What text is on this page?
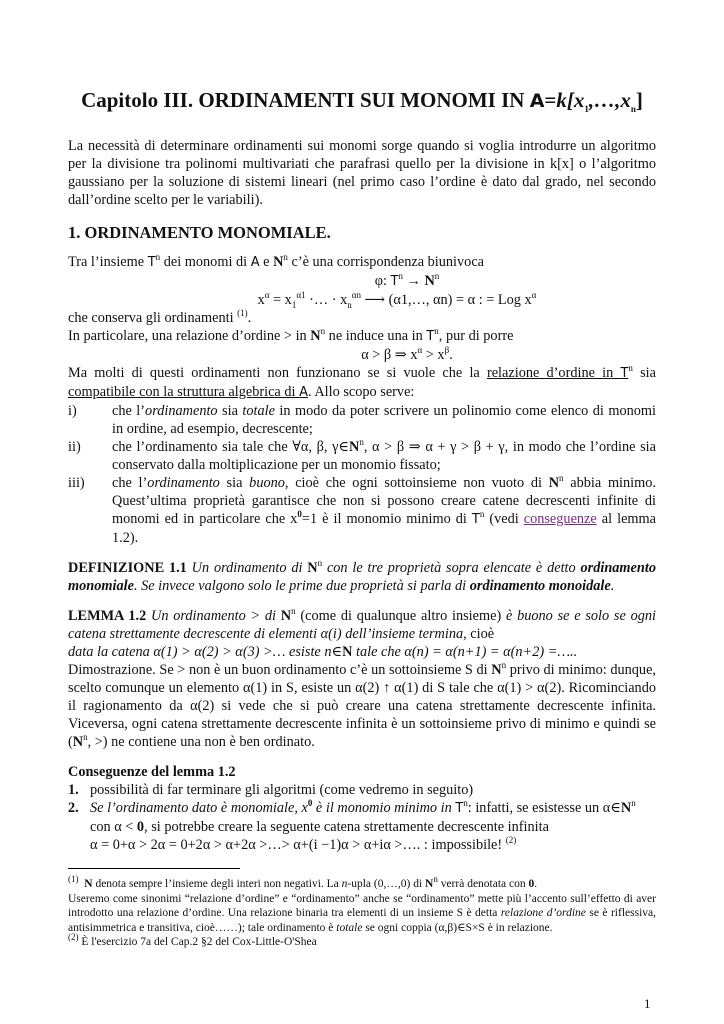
Capitolo III. ORDINAMENTI SUI MONOMI IN $A=k[x_1,\dots,x_n]$

La necessità di determinare ordinamenti sui monomi sorge quando si voglia introdurre un algoritmo per la divisione tra polinomi multivariati che parafrasi quello per la divisione in k[x] o l’algoritmo gaussiano per la soluzione di sistemi lineari (nel primo caso l’ordine è dato dal grado, nel secondo dall’ordine scelto per le variabili).

1. ORDINAMENTO MONOMIALE.

Tra l’insieme $T^n$ dei monomi di A e $N^n$ c’è una corrispondenza biunivoca

φ: $T^n \to N^n$

$x^\alpha = x_1^{\alpha 1}$ ·… · $x_n^{\alpha n}$ ⟶ (α1,…, αn) = α : = Log $x^\alpha$

che conserva gli ordinamenti $^{(1)}$.

In particolare, una relazione d’ordine > in $N^n$ ne induce una in $T^n$, pur di porre

α > β ⇒ $x^\alpha > x^\beta$.

Ma molti di questi ordinamenti non funzionano se si vuole che la relazione d’ordine in $T^n$ sia compatibile con la struttura algebrica di A. Allo scopo serve:

i)	che l’ordinamento sia totale in modo da poter scrivere un polinomio come elenco di monomi in ordine, ad esempio, decrescente;
ii)	che l’ordinamento sia tale che ∀α, β, $\gamma\in N^n$, α > β ⇒ α + γ > β + γ, in modo che l’ordine sia conservato dalla moltiplicazione per un monomio fissato;
iii)	che l’ordinamento sia buono, cioè che ogni sottoinsieme non vuoto di $N^n$ abbia minimo. Quest’ultima proprietà garantisce che non si possono creare catene decrescenti infinite di monomi ed in particolare che $x^0=1$ è il monomio minimo di $T^n$ (vedi conseguenze al lemma 1.2).

DEFINIZIONE 1.1 Un ordinamento di $N^n$ con le tre proprietà sopra elencate è detto ordinamento monomiale. Se invece valgono solo le prime due proprietà si parla di ordinamento monoidale.

LEMMA 1.2 Un ordinamento > di $N^n$ (come di qualunque altro insieme) è buono se e solo se ogni catena strettamente decrescente di elementi α(i) dell’insieme termina, cioè

data la catena α(1) > α(2) > α(3) >… esiste n∈N tale che α(n) = α(n+1) = α(n+2) =…..

Dimostrazione. Se > non è un buon ordinamento c’è un sottoinsieme S di $N^n$ privo di minimo: dunque, scelto comunque un elemento α(1) in S, esiste un α(2) ↑ α(1) di S tale che α(1) > α(2). Ricominciando il ragionamento da α(2) si vede che si può creare una catena strettamente decrescente infinita. Viceversa, ogni catena strettamente decrescente infinita è un sottoinsieme privo di minimo e quindi se ($N^n$, >) ne contiene una non è ben ordinato.

Conseguenze del lemma 1.2

1. possibilità di far terminare gli algoritmi (come vedremo in seguito)
2. Se l’ordinamento dato è monomiale, $x^0$ è il monomio minimo in $T^n$: infatti, se esistesse un $\alpha\in N^n$
con α < 0, si potrebbe creare la seguente catena strettamente decrescente infinita
α = 0+α > 2α = 0+2α > α+2α >…> α+(i −1)α > α+iα >…. : impossibile! $^{(2)}$

$^{(1)}$ N denota sempre l’insieme degli interi non negativi. La n-upla (0,…,0) di $N^n$ verrà denotata con 0.

Useremo come sinonimi “relazione d’ordine” e “ordinamento” anche se “ordinamento” mette più l’accento sull’effetto di aver introdotto una relazione d’ordine. Una relazione binaria tra elementi di un insieme S è detta relazione d’ordine se è riflessiva, antisimmetrica e transitiva, cioè……); tale ordinamento è totale se ogni coppia (α,β)∈S×S è in relazione.

$^{(2)}$ È l'esercizio 7a del Cap.2 §2 del Cox-Little-O'Shea

1
